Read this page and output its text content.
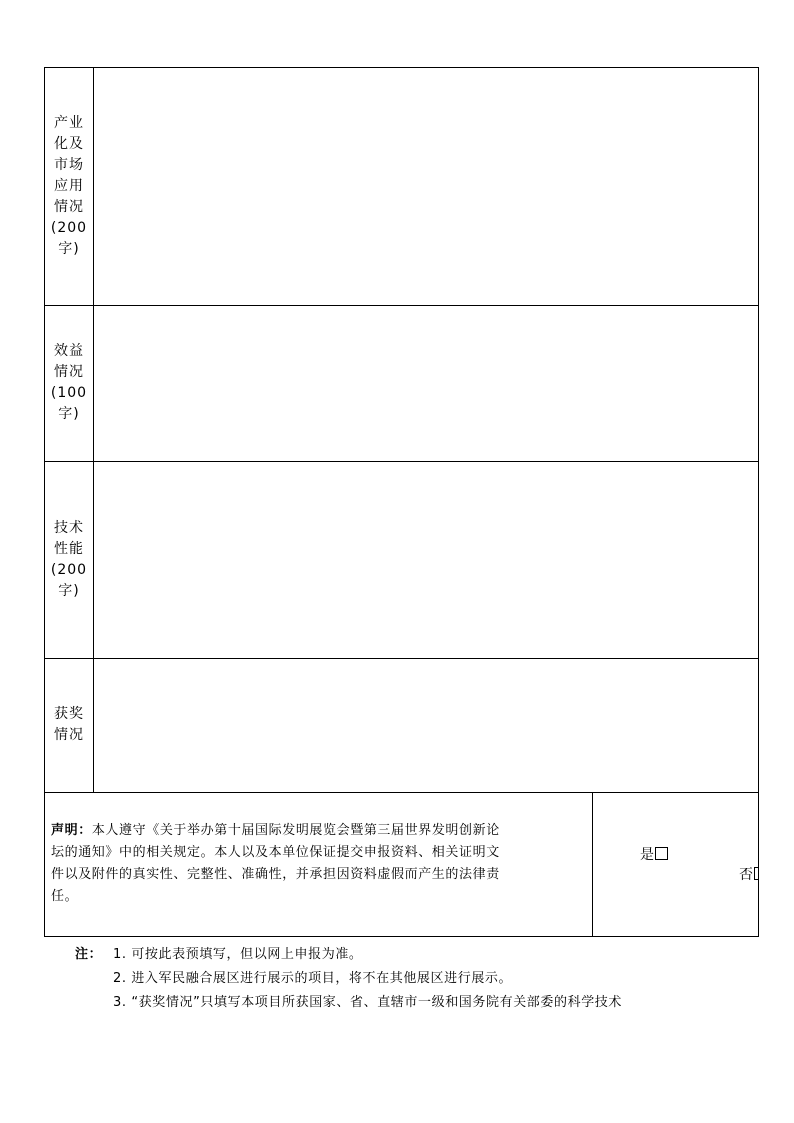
产业
化及
市场
应用
情况
(200
字)
效益
情况
(100
字)
技术
性能
(200
字)
获奖
情况
声明：本人遵守《关于举办第十届国际发明展览会暨第三届世界发明创新论
坛的通知》中的相关规定。本人以及本单位保证提交申报资料、相关证明文
件以及附件的真实性、完整性、准确性，并承担因资料虚假而产生的法律责
任。
是
否
注： 1. 可按此表预填写，但以网上申报为准。
2. 进入军民融合展区进行展示的项目，将不在其他展区进行展示。
3. “获奖情况”只填写本项目所获国家、省、直辖市一级和国务院有关部委的科学技术
